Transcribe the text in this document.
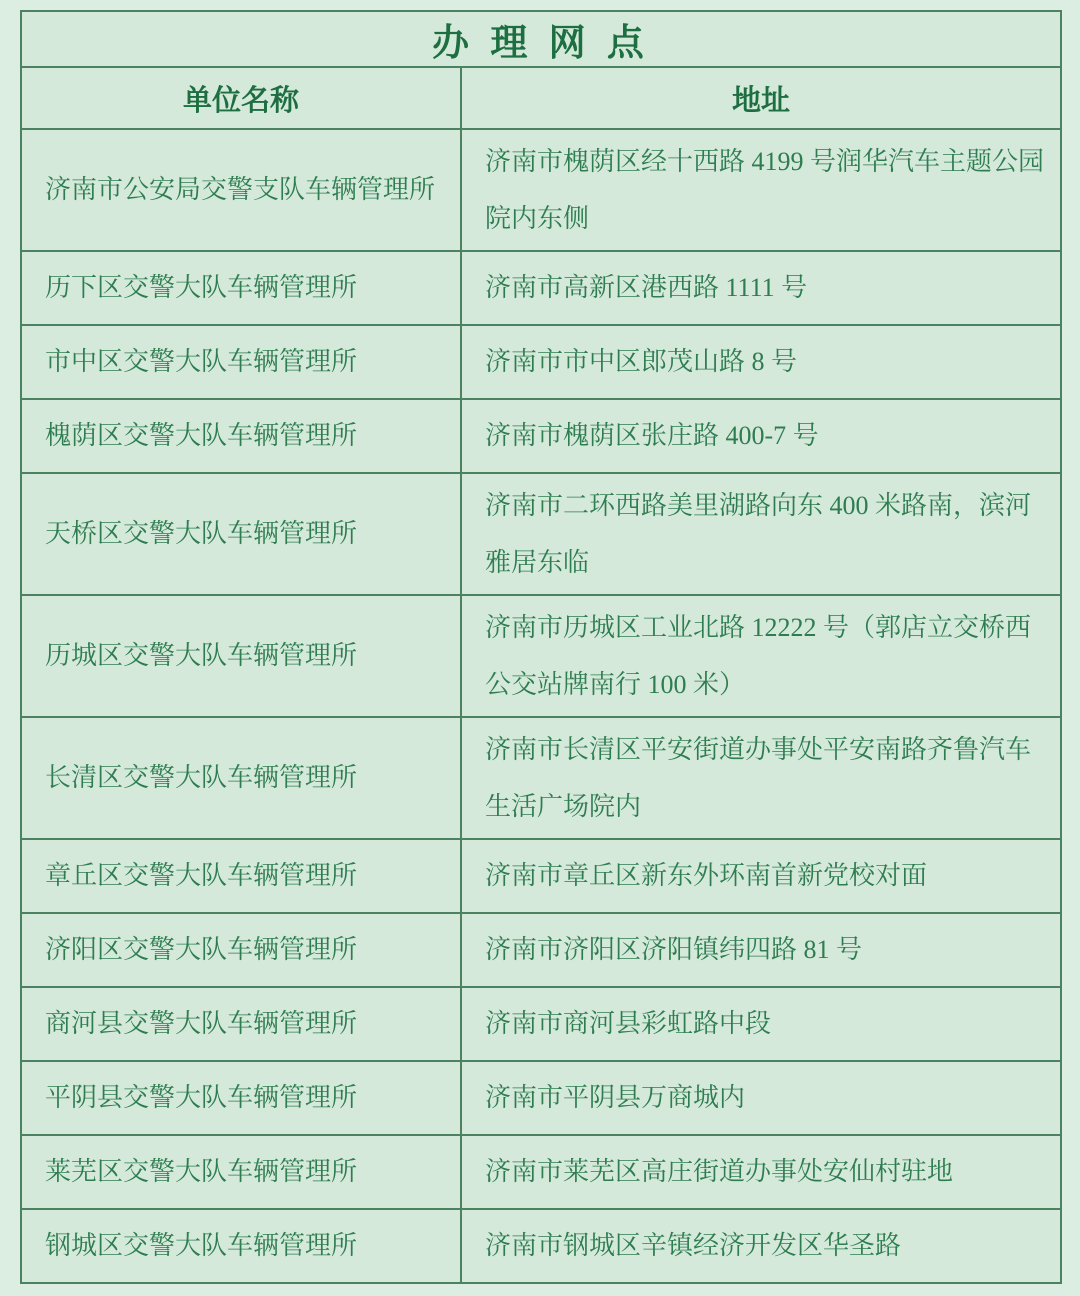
办 理 网 点	
单位名称	地址
济南市公安局交警支队车辆管理所	济南市槐荫区经十西路 4199 号润华汽车主题公园院内东侧
历下区交警大队车辆管理所	济南市高新区港西路 1111 号
市中区交警大队车辆管理所	济南市市中区郎茂山路 8 号
槐荫区交警大队车辆管理所	济南市槐荫区张庄路 400-7 号
天桥区交警大队车辆管理所	济南市二环西路美里湖路向东 400 米路南，滨河雅居东临
历城区交警大队车辆管理所	济南市历城区工业北路 12222 号（郭店立交桥西公交站牌南行 100 米）
长清区交警大队车辆管理所	济南市长清区平安街道办事处平安南路齐鲁汽车生活广场院内
章丘区交警大队车辆管理所	济南市章丘区新东外环南首新党校对面
济阳区交警大队车辆管理所	济南市济阳区济阳镇纬四路 81 号
商河县交警大队车辆管理所	济南市商河县彩虹路中段
平阴县交警大队车辆管理所	济南市平阴县万商城内
莱芜区交警大队车辆管理所	济南市莱芜区高庄街道办事处安仙村驻地
钢城区交警大队车辆管理所	济南市钢城区辛镇经济开发区华圣路
